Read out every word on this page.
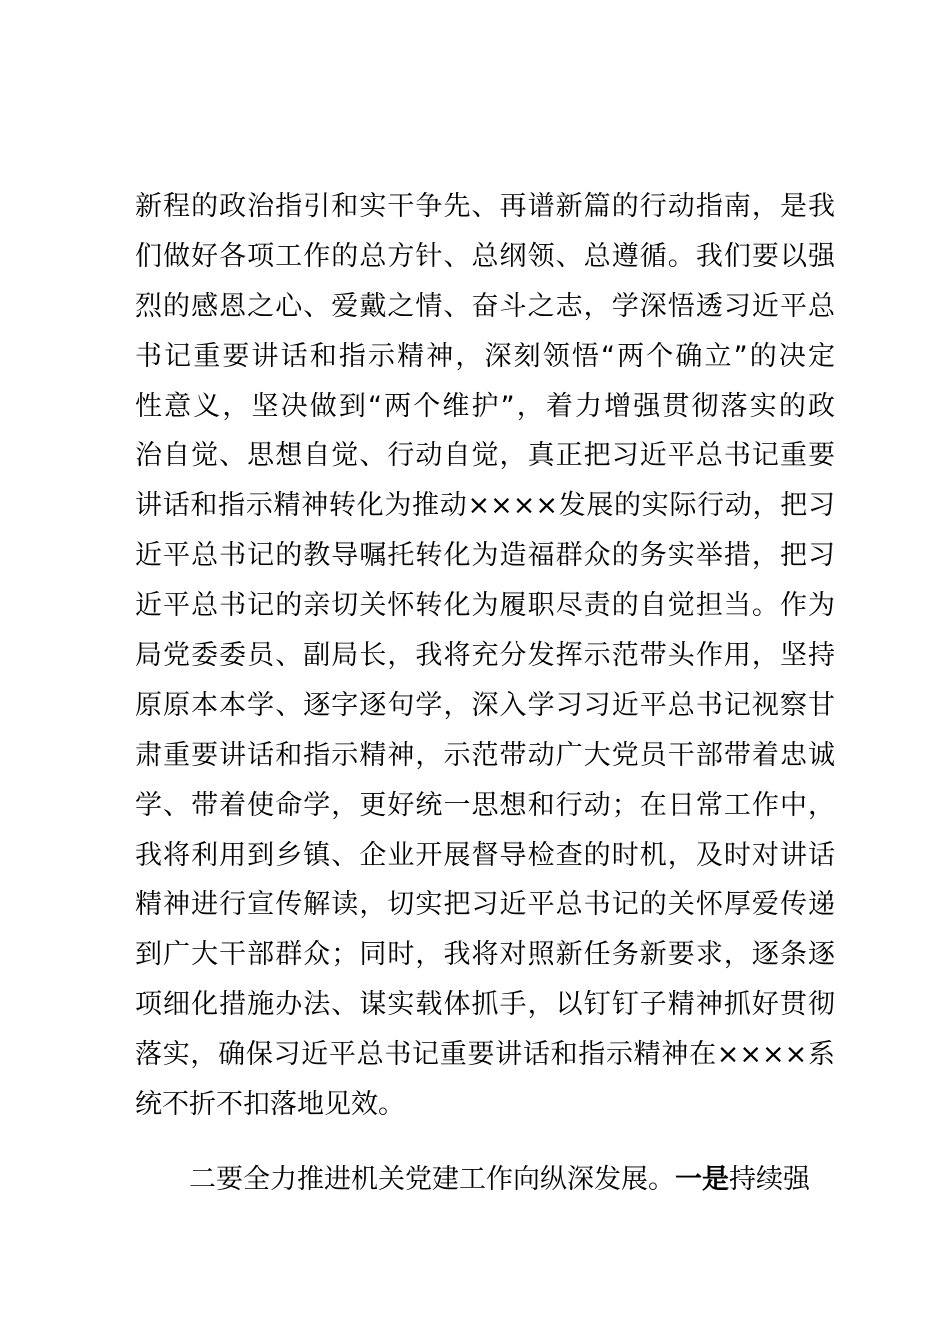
新程的政治指引和实干争先、再谱新篇的行动指南，是我
们做好各项工作的总方针、总纲领、总遵循。我们要以强
烈的感恩之心、爱戴之情、奋斗之志，学深悟透习近平总
书记重要讲话和指示精神，深刻领悟“两个确立”的决定
性意义，坚决做到“两个维护”，着力增强贯彻落实的政
治自觉、思想自觉、行动自觉，真正把习近平总书记重要
讲话和指示精神转化为推动××××发展的实际行动，把习
近平总书记的教导嘱托转化为造福群众的务实举措，把习
近平总书记的亲切关怀转化为履职尽责的自觉担当。作为
局党委委员、副局长，我将充分发挥示范带头作用，坚持
原原本本学、逐字逐句学，深入学习习近平总书记视察甘
肃重要讲话和指示精神，示范带动广大党员干部带着忠诚
学、带着使命学，更好统一思想和行动；在日常工作中，
我将利用到乡镇、企业开展督导检查的时机，及时对讲话
精神进行宣传解读，切实把习近平总书记的关怀厚爱传递
到广大干部群众；同时，我将对照新任务新要求，逐条逐
项细化措施办法、谋实载体抓手，以钉钉子精神抓好贯彻
落实，确保习近平总书记重要讲话和指示精神在××××系
统不折不扣落地见效。
二要全力推进机关党建工作向纵深发展。一是持续强
